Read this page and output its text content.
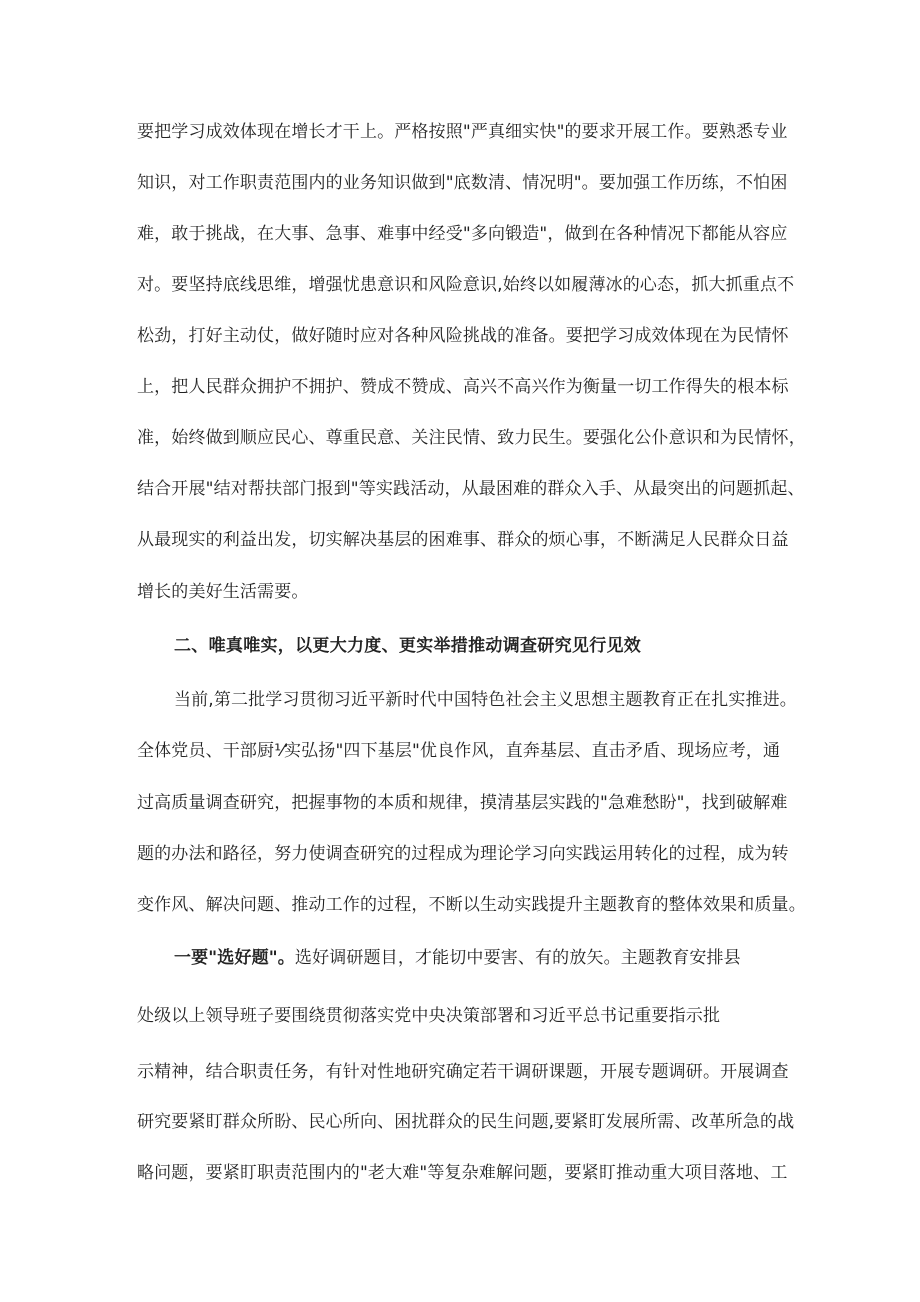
要把学习成效体现在增长才干上。严格按照"严真细实快"的要求开展工作。要熟悉专业

知识，对工作职责范围内的业务知识做到"底数清、情况明"。要加强工作历练，不怕困

难，敢于挑战，在大事、急事、难事中经受"多向锻造"，做到在各种情况下都能从容应

对。要坚持底线思维，增强忧患意识和风险意识,始终以如履薄冰的心态，抓大抓重点不

松劲，打好主动仗，做好随时应对各种风险挑战的准备。要把学习成效体现在为民情怀

上，把人民群众拥护不拥护、赞成不赞成、高兴不高兴作为衡量一切工作得失的根本标

准，始终做到顺应民心、尊重民意、关注民情、致力民生。要强化公仆意识和为民情怀，

结合开展"结对帮扶部门报到"等实践活动，从最困难的群众入手、从最突出的问题抓起、

从最现实的利益出发，切实解决基层的困难事、群众的烦心事，不断满足人民群众日益

增长的美好生活需要。

二、唯真唯实，以更大力度、更实举措推动调查研究见行见效

当前,第二批学习贯彻习近平新时代中国特色社会主义思想主题教育正在扎实推进。

全体党员、干部厨⅟实弘扬"四下基层"优良作风，直奔基层、直击矛盾、现场应考，通

过高质量调查研究，把握事物的本质和规律，摸清基层实践的"急难愁盼"，找到破解难

题的办法和路径，努力使调查研究的过程成为理论学习向实践运用转化的过程，成为转

变作风、解决问题、推动工作的过程，不断以生动实践提升主题教育的整体效果和质量。

一要"选好题"。选好调研题目，才能切中要害、有的放矢。主题教育安排县

处级以上领导班子要围绕贯彻落实党中央决策部署和习近平总书记重要指示批

示精神，结合职责任务，有针对性地研究确定若干调研课题，开展专题调研。开展调查

研究要紧盯群众所盼、民心所向、困扰群众的民生问题,要紧盯发展所需、改革所急的战

略问题，要紧盯职责范围内的"老大难"等复杂难解问题，要紧盯推动重大项目落地、工
